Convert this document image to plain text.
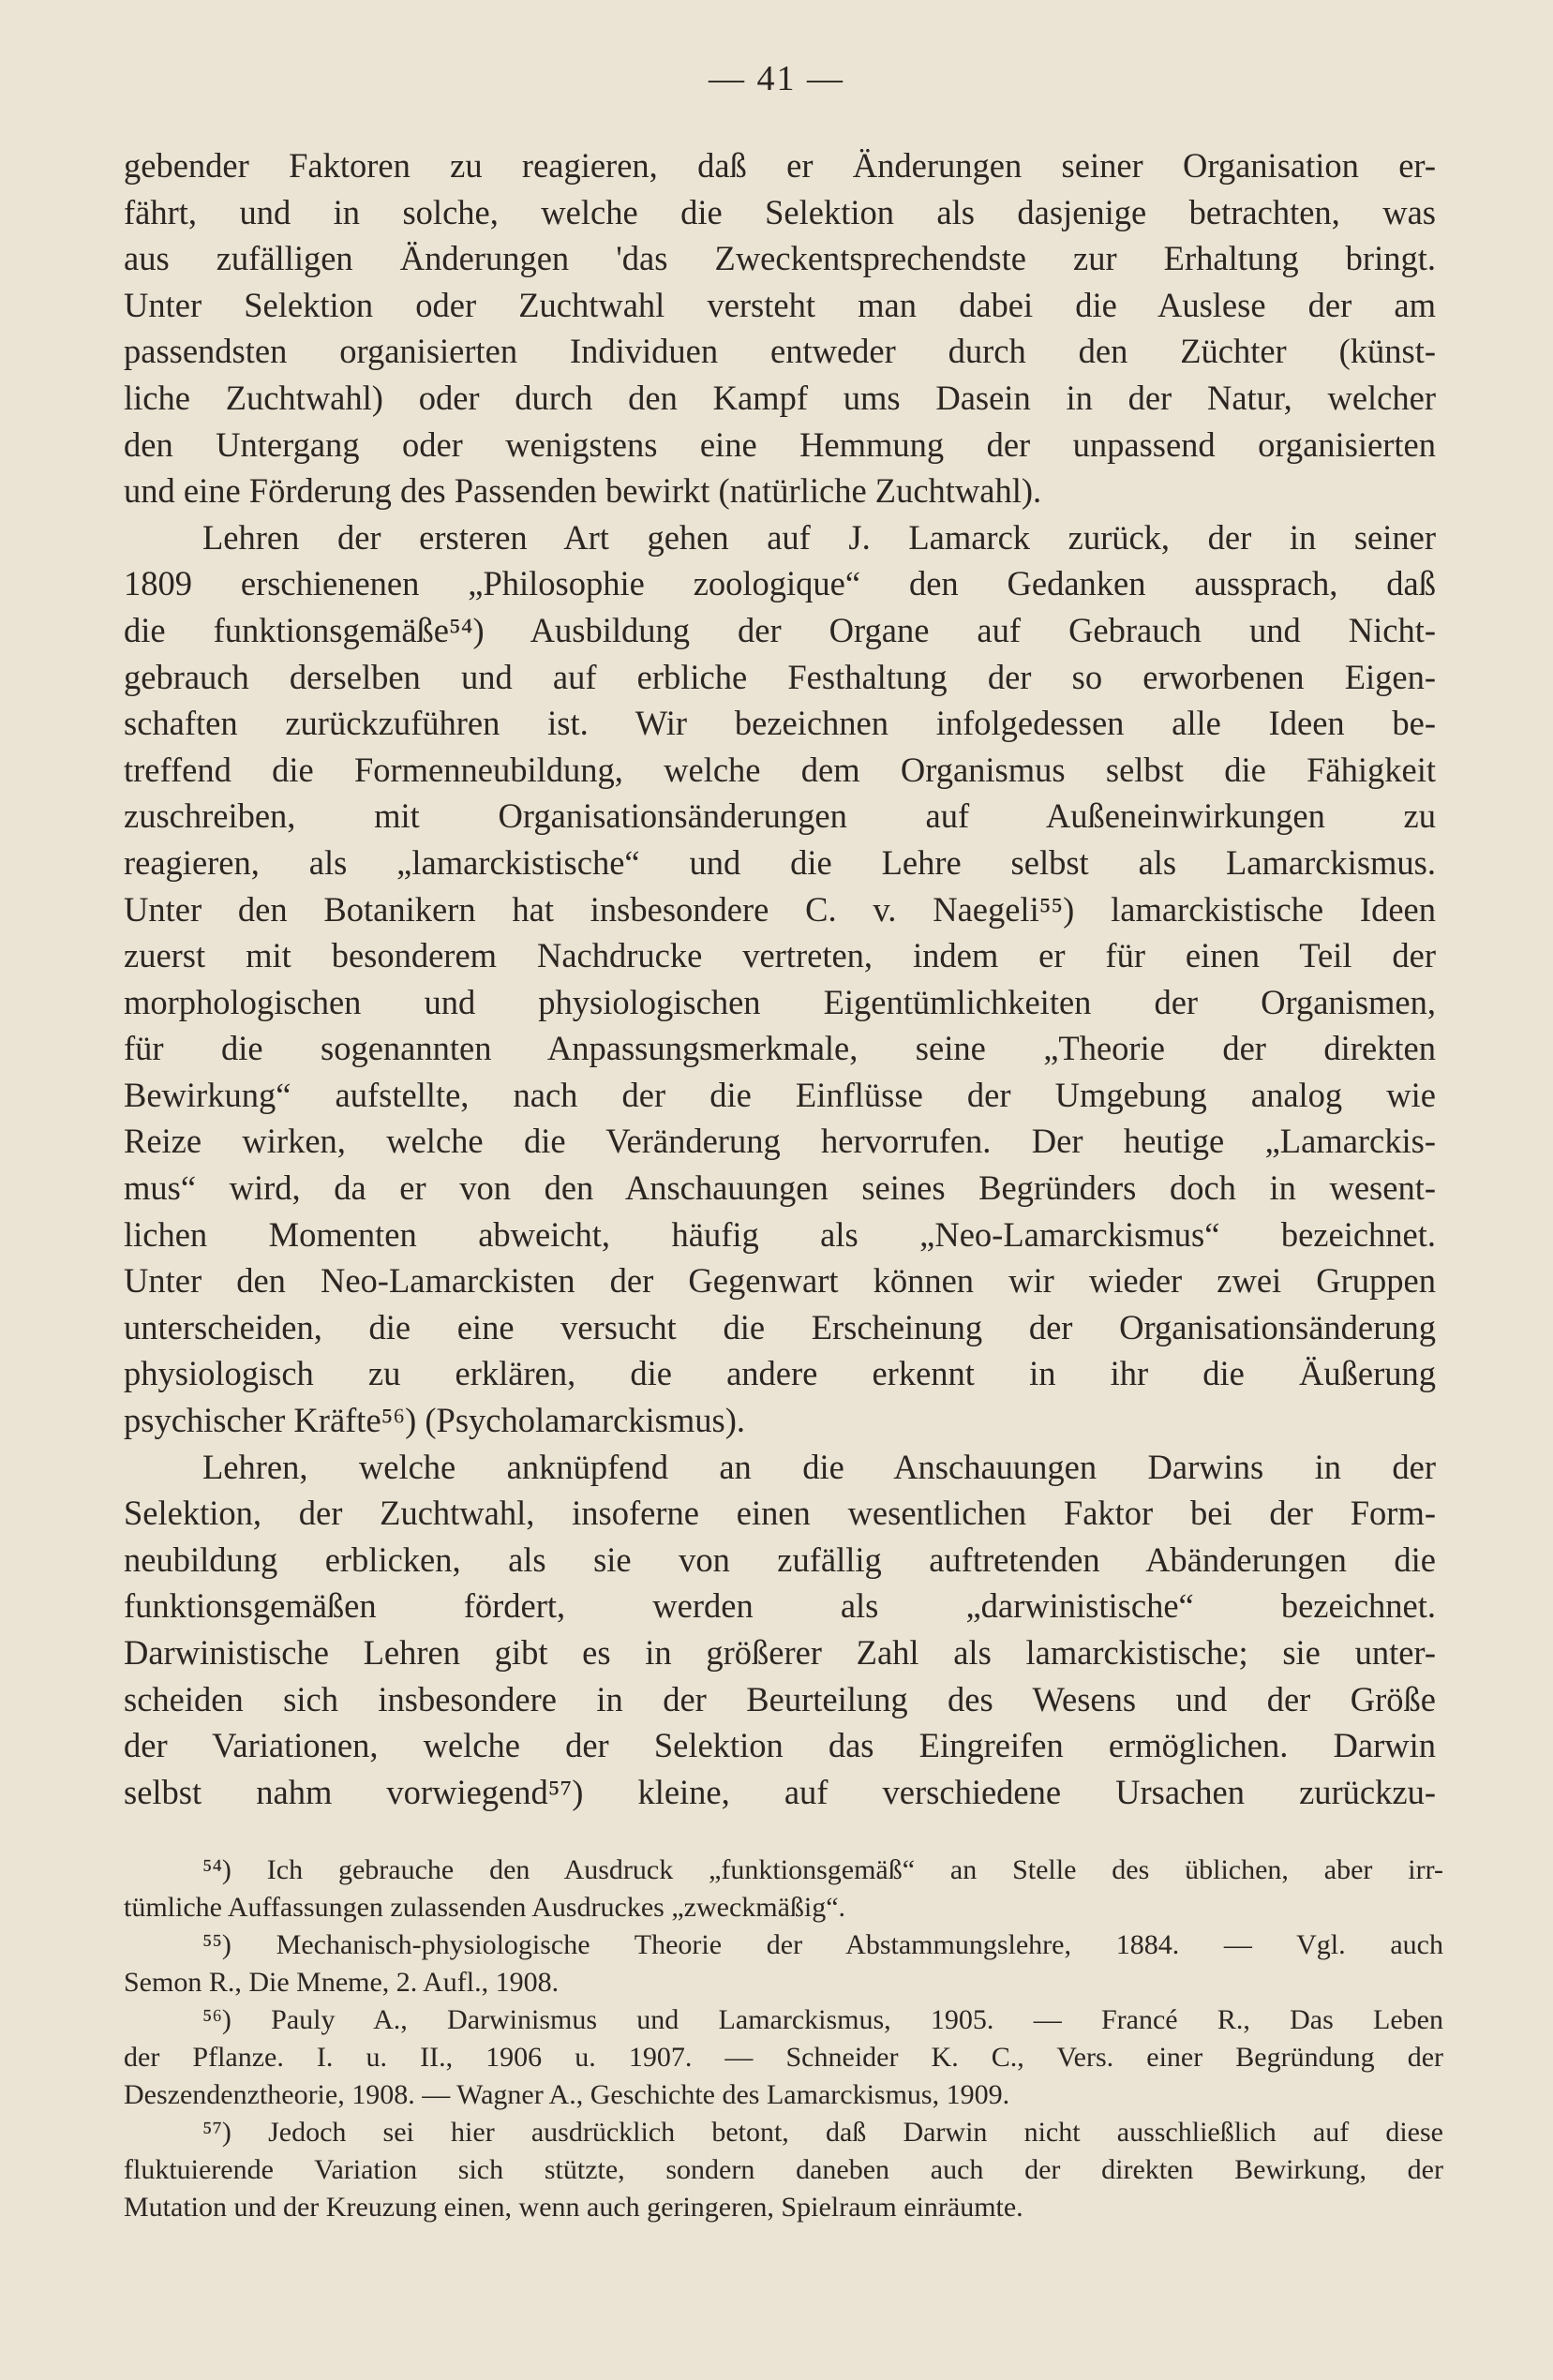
— 41 —
gebender Faktoren zu reagieren, daß er Änderungen seiner Organisation er-
fährt, und in solche, welche die Selektion als dasjenige betrachten, was
aus zufälligen Änderungen 'das Zweckentsprechendste zur Erhaltung bringt.
Unter Selektion oder Zuchtwahl versteht man dabei die Auslese der am
passendsten organisierten Individuen entweder durch den Züchter (künst-
liche Zuchtwahl) oder durch den Kampf ums Dasein in der Natur, welcher
den Untergang oder wenigstens eine Hemmung der unpassend organisierten
und eine Förderung des Passenden bewirkt (natürliche Zuchtwahl).
Lehren der ersteren Art gehen auf J. Lamarck zurück, der in seiner
1809 erschienenen „Philosophie zoologique“ den Gedanken aussprach, daß
die funktionsgemäße⁵⁴) Ausbildung der Organe auf Gebrauch und Nicht-
gebrauch derselben und auf erbliche Festhaltung der so erworbenen Eigen-
schaften zurückzuführen ist. Wir bezeichnen infolgedessen alle Ideen be-
treffend die Formenneubildung, welche dem Organismus selbst die Fähigkeit
zuschreiben, mit Organisationsänderungen auf Außeneinwirkungen zu
reagieren, als „lamarckistische“ und die Lehre selbst als Lamarckismus.
Unter den Botanikern hat insbesondere C. v. Naegeli⁵⁵) lamarckistische Ideen
zuerst mit besonderem Nachdrucke vertreten, indem er für einen Teil der
morphologischen und physiologischen Eigentümlichkeiten der Organismen,
für die sogenannten Anpassungsmerkmale, seine „Theorie der direkten
Bewirkung“ aufstellte, nach der die Einflüsse der Umgebung analog wie
Reize wirken, welche die Veränderung hervorrufen. Der heutige „Lamarckis-
mus“ wird, da er von den Anschauungen seines Begründers doch in wesent-
lichen Momenten abweicht, häufig als „Neo-Lamarckismus“ bezeichnet.
Unter den Neo-Lamarckisten der Gegenwart können wir wieder zwei Gruppen
unterscheiden, die eine versucht die Erscheinung der Organisationsänderung
physiologisch zu erklären, die andere erkennt in ihr die Äußerung
psychischer Kräfte⁵⁶) (Psycholamarckismus).
Lehren, welche anknüpfend an die Anschauungen Darwins in der
Selektion, der Zuchtwahl, insoferne einen wesentlichen Faktor bei der Form-
neubildung erblicken, als sie von zufällig auftretenden Abänderungen die
funktionsgemäßen fördert, werden als „darwinistische“ bezeichnet.
Darwinistische Lehren gibt es in größerer Zahl als lamarckistische; sie unter-
scheiden sich insbesondere in der Beurteilung des Wesens und der Größe
der Variationen, welche der Selektion das Eingreifen ermöglichen. Darwin
selbst nahm vorwiegend⁵⁷) kleine, auf verschiedene Ursachen zurückzu-
⁵⁴) Ich gebrauche den Ausdruck „funktionsgemäß“ an Stelle des üblichen, aber irr-
tümliche Auffassungen zulassenden Ausdruckes „zweckmäßig“.
⁵⁵) Mechanisch-physiologische Theorie der Abstammungslehre, 1884. — Vgl. auch
Semon R., Die Mneme, 2. Aufl., 1908.
⁵⁶) Pauly A., Darwinismus und Lamarckismus, 1905. — Francé R., Das Leben
der Pflanze. I. u. II., 1906 u. 1907. — Schneider K. C., Vers. einer Begründung der
Deszendenztheorie, 1908. — Wagner A., Geschichte des Lamarckismus, 1909.
⁵⁷) Jedoch sei hier ausdrücklich betont, daß Darwin nicht ausschließlich auf diese
fluktuierende Variation sich stützte, sondern daneben auch der direkten Bewirkung, der
Mutation und der Kreuzung einen, wenn auch geringeren, Spielraum einräumte.
